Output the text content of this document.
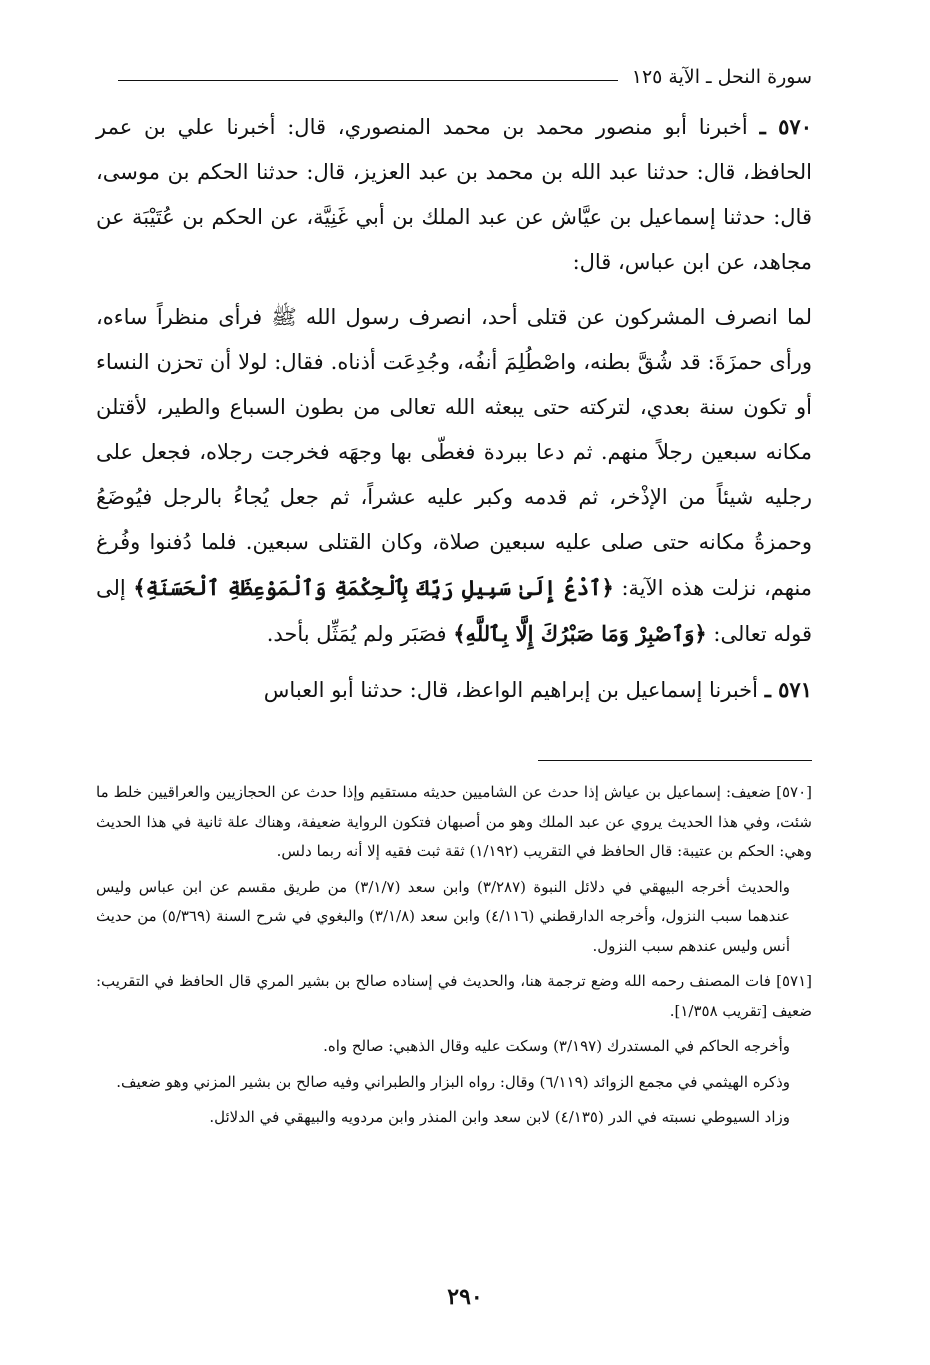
سورة النحل ـ الآية ١٢٥

٥٧٠ ـ أخبرنا أبو منصور محمد بن محمد المنصوري، قال: أخبرنا علي بن عمر الحافظ، قال: حدثنا عبد الله بن محمد بن عبد العزيز، قال: حدثنا الحكم بن موسى، قال: حدثنا إسماعيل بن عيَّاش عن عبد الملك بن أبي غَنِيَّة، عن الحكم بن عُتَيْبَة عن مجاهد، عن ابن عباس، قال:

لما انصرف المشركون عن قتلى أحد، انصرف رسول الله ﷺ فرأى منظراً ساءه، ورأى حمزَةَ: قد شُقَّ بطنه، واصْطُلِمَ أنفُه، وجُدِعَت أذناه. فقال: لولا أن تحزن النساء أو تكون سنة بعدي، لتركته حتى يبعثه الله تعالى من بطون السباع والطير، لأقتلن مكانه سبعين رجلاً منهم. ثم دعا ببردة فغطّى بها وجهَه فخرجت رجلاه، فجعل على رجليه شيئاً من الإذْخر، ثم قدمه وكبر عليه عشراً، ثم جعل يُجاءُ بالرجل فيُوضَعُ وحمزةُ مكانه حتى صلى عليه سبعين صلاة، وكان القتلى سبعين. فلما دُفنوا وفُرغ منهم، نزلت هذه الآية: ﴿ٱدْعُ إِلَىٰ سَبِيلِ رَبِّكَ بِٱلْحِكْمَةِ وَٱلْمَوْعِظَةِ ٱلْحَسَنَةِ﴾ إلى قوله تعالى: ﴿وَٱصْبِرْ وَمَا صَبْرُكَ إِلَّا بِٱللَّهِ﴾ فصَبَر ولم يُمَثِّل بأحد.

٥٧١ ـ أخبرنا إسماعيل بن إبراهيم الواعظ، قال: حدثنا أبو العباس

[٥٧٠] ضعيف: إسماعيل بن عياش إذا حدث عن الشاميين حديثه مستقيم وإذا حدث عن الحجازيين والعراقيين خلط ما شئت، وفي هذا الحديث يروي عن عبد الملك وهو من أصبهان فتكون الرواية ضعيفة، وهناك علة ثانية في هذا الحديث وهي: الحكم بن عتيبة: قال الحافظ في التقريب (١/١٩٢) ثقة ثبت فقيه إلا أنه ربما دلس.

والحديث أخرجه البيهقي في دلائل النبوة (٣/٢٨٧) وابن سعد (٣/١/٧) من طريق مقسم عن ابن عباس وليس عندهما سبب النزول، وأخرجه الدارقطني (٤/١١٦) وابن سعد (٣/١/٨) والبغوي في شرح السنة (٥/٣٦٩) من حديث أنس وليس عندهم سبب النزول.

[٥٧١] فات المصنف رحمه الله وضع ترجمة هنا، والحديث في إسناده صالح بن بشير المري قال الحافظ في التقريب: ضعيف [تقريب ١/٣٥٨].

وأخرجه الحاكم في المستدرك (٣/١٩٧) وسكت عليه وقال الذهبي: صالح واه.

وذكره الهيثمي في مجمع الزوائد (٦/١١٩) وقال: رواه البزار والطبراني وفيه صالح بن بشير المزني وهو ضعيف.

وزاد السيوطي نسبته في الدر (٤/١٣٥) لابن سعد وابن المنذر وابن مردويه والبيهقي في الدلائل.

٢٩٠
